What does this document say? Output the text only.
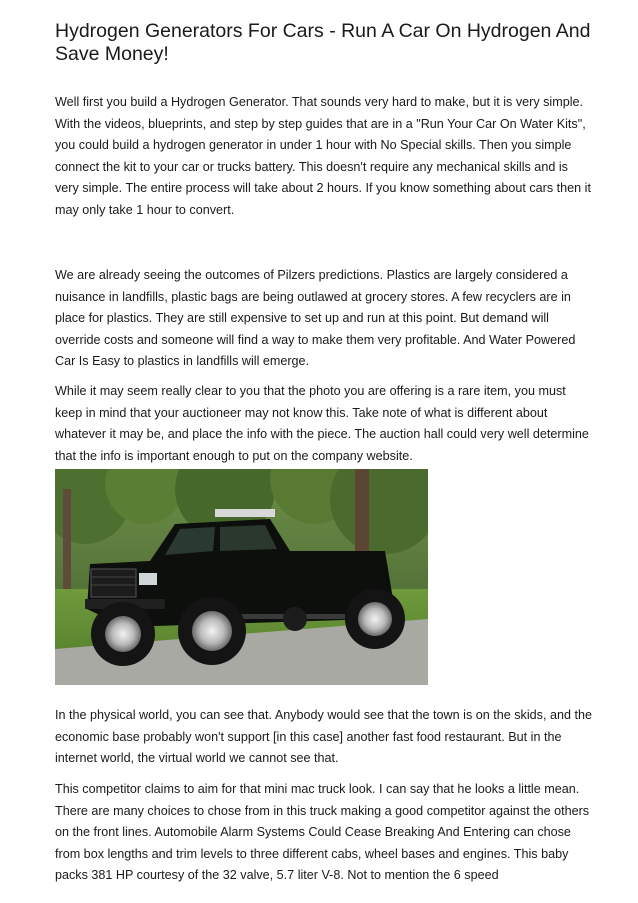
Hydrogen Generators For Cars - Run A Car On Hydrogen And Save Money!

Well first you build a Hydrogen Generator. That sounds very hard to make, but it is very simple. With the videos, blueprints, and step by step guides that are in a "Run Your Car On Water Kits", you could build a hydrogen generator in under 1 hour with No Special skills. Then you simple connect the kit to your car or trucks battery. This doesn't require any mechanical skills and is very simple. The entire process will take about 2 hours. If you know something about cars then it may only take 1 hour to convert.

We are already seeing the outcomes of Pilzers predictions. Plastics are largely considered a nuisance in landfills, plastic bags are being outlawed at grocery stores. A few recyclers are in place for plastics. They are still expensive to set up and run at this point. But demand will override costs and someone will find a way to make them very profitable. And Water Powered Car Is Easy to plastics in landfills will emerge.

While it may seem really clear to you that the photo you are offering is a rare item, you must keep in mind that your auctioneer may not know this. Take note of what is different about whatever it may be, and place the info with the piece. The auction hall could very well determine that the info is important enough to put on the company website.

In the physical world, you can see that. Anybody would see that the town is on the skids, and the economic base probably won't support [in this case] another fast food restaurant. But in the internet world, the virtual world we cannot see that.

This competitor claims to aim for that mini mac truck look. I can say that he looks a little mean. There are many choices to chose from in this truck making a good competitor against the others on the front lines. Automobile Alarm Systems Could Cease Breaking And Entering can chose from box lengths and trim levels to three different cabs, wheel bases and engines. This baby packs 381 HP courtesy of the 32 valve, 5.7 liter V-8. Not to mention the 6 speed
